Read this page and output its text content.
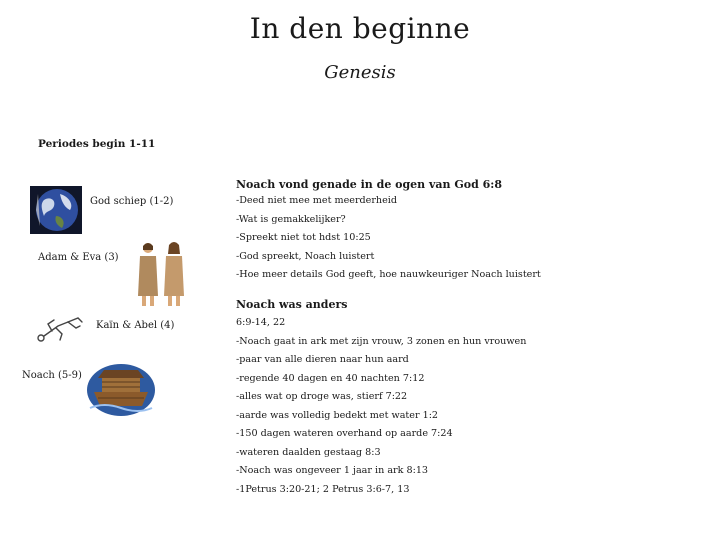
In den beginne
Genesis
Periodes begin 1-11
God schiep (1-2)
Adam & Eva (3)
Kaïn & Abel (4)
Noach (5-9)
Noach vond genade in de ogen van God 6:8
-Deed niet mee met meerderheid
-Wat is gemakkelijker?
-Spreekt niet tot hdst 10:25
-God spreekt, Noach luistert
-Hoe meer details God geeft, hoe nauwkeuriger Noach luistert
Noach was anders
6:9-14, 22
-Noach gaat in ark met zijn vrouw, 3 zonen en hun vrouwen
-paar van alle dieren naar hun aard
-regende 40 dagen en 40 nachten 7:12
-alles wat op droge was, stierf 7:22
-aarde was volledig bedekt met water 1:2
-150 dagen wateren overhand op aarde 7:24
-wateren daalden gestaag 8:3
-Noach was ongeveer 1 jaar in ark 8:13
-1Petrus 3:20-21; 2 Petrus 3:6-7, 13
